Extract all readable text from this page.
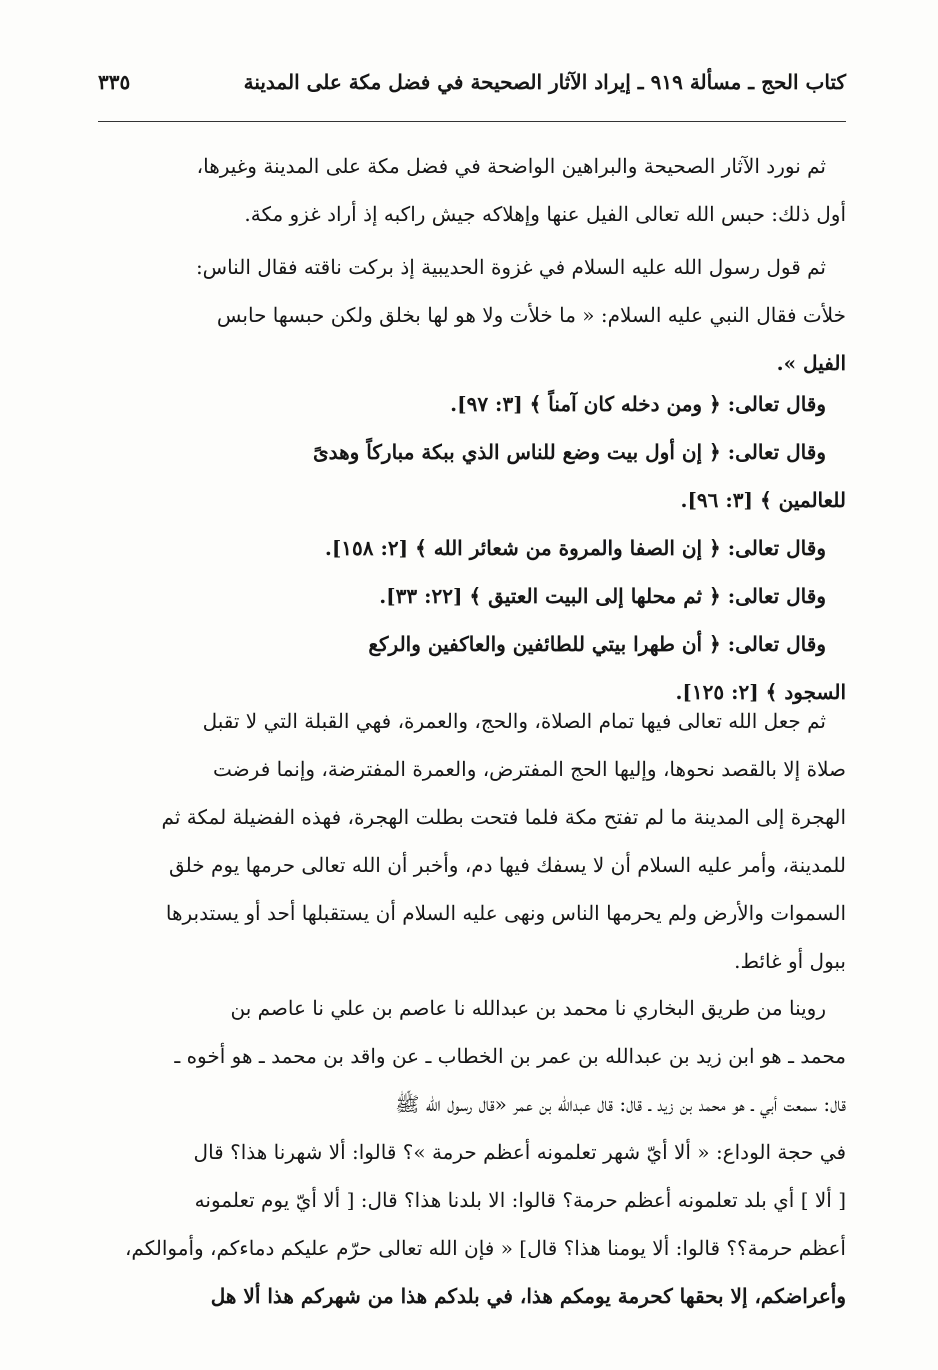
كتاب الحج ـ مسألة ٩١٩ ـ إيراد الآثار الصحيحة في فضل مكة على المدينة
٣٣٥
ثم نورد الآثار الصحيحة والبراهين الواضحة في فضل مكة على المدينة وغيرها،
أول ذلك: حبس الله تعالى الفيل عنها وإهلاكه جيش راكبه إذ أراد غزو مكة.
ثم قول رسول الله عليه السلام في غزوة الحديبية إذ بركت ناقته فقال الناس:
خلأت فقال النبي عليه السلام: « ما خلأت ولا هو لها بخلق ولكن حبسها حابس
الفيل ».
وقال تعالى: ﴿ ومن دخله كان آمناً ﴾ [٣: ٩٧].
وقال تعالى: ﴿ إن أول بيت وضع للناس الذي ببكة مباركاً وهدىً
للعالمين ﴾ [٣: ٩٦].
وقال تعالى: ﴿ إن الصفا والمروة من شعائر الله ﴾ [٢: ١٥٨].
وقال تعالى: ﴿ ثم محلها إلى البيت العتيق ﴾ [٢٢: ٣٣].
وقال تعالى: ﴿ أن طهرا بيتي للطائفين والعاكفين والركع
السجود ﴾ [٢: ١٢٥].
ثم جعل الله تعالى فيها تمام الصلاة، والحج، والعمرة، فهي القبلة التي لا تقبل
صلاة إلا بالقصد نحوها، وإليها الحج المفترض، والعمرة المفترضة، وإنما فرضت
الهجرة إلى المدينة ما لم تفتح مكة فلما فتحت بطلت الهجرة، فهذه الفضيلة لمكة ثم
للمدينة، وأمر عليه السلام أن لا يسفك فيها دم، وأخبر أن الله تعالى حرمها يوم خلق
السموات والأرض ولم يحرمها الناس ونهى عليه السلام أن يستقبلها أحد أو يستدبرها
ببول أو غائط.
روينا من طريق البخاري نا محمد بن عبدالله نا عاصم بن علي نا عاصم بن
محمد ـ هو ابن زيد بن عبدالله بن عمر بن الخطاب ـ عن واقد بن محمد ـ هو أخوه ـ
قال: سمعت أبي ـ هو محمد بن زيد ـ قال: قال عبدالله بن عمر «قال رسول الله ﷺ
في حجة الوداع: « ألا أيّ شهر تعلمونه أعظم حرمة »؟ قالوا: ألا شهرنا هذا؟ قال
[ ألا ] أي بلد تعلمونه أعظم حرمة؟ قالوا: الا بلدنا هذا؟ قال: [ ألا أيّ يوم تعلمونه
أعظم حرمة؟؟ قالوا: ألا يومنا هذا؟ قال] « فإن الله تعالى حرّم عليكم دماءكم، وأموالكم،
وأعراضكم، إلا بحقها كحرمة يومكم هذا، في بلدكم هذا من شهركم هذا ألا هل
